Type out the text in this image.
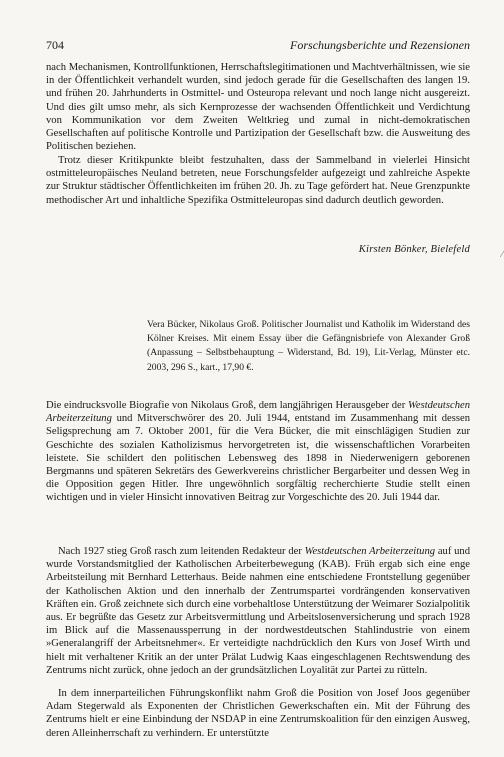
704	Forschungsberichte und Rezensionen

nach Mechanismen, Kontrollfunktionen, Herrschaftslegitimationen und Machtverhältnissen, wie sie in der Öffentlichkeit verhandelt wurden, sind jedoch gerade für die Gesellschaften des langen 19. und frühen 20. Jahrhunderts in Ostmittel- und Osteuropa relevant und noch lange nicht ausgereizt. Und dies gilt umso mehr, als sich Kernprozesse der wachsenden Öffentlichkeit und Verdichtung von Kommunikation vor dem Zweiten Weltkrieg und zumal in nicht-demokratischen Gesellschaften auf politische Kontrolle und Partizipation der Gesellschaft bzw. die Ausweitung des Politischen beziehen.

Trotz dieser Kritikpunkte bleibt festzuhalten, dass der Sammelband in vielerlei Hinsicht ostmitteleuropäisches Neuland betreten, neue Forschungsfelder aufgezeigt und zahlreiche Aspekte zur Struktur städtischer Öffentlichkeiten im frühen 20. Jh. zu Tage gefördert hat. Neue Grenzpunkte methodischer Art und inhaltliche Spezifika Ostmitteleuropas sind dadurch deutlich geworden.

Kirsten Bönker, Bielefeld	⁄

Vera Bücker, Nikolaus Groß. Politischer Journalist und Katholik im Widerstand des Kölner Kreises. Mit einem Essay über die Gefängnisbriefe von Alexander Groß (Anpassung – Selbstbehauptung – Widerstand, Bd. 19), Lit-Verlag, Münster etc. 2003, 296 S., kart., 17,90 €.

Die eindrucksvolle Biografie von Nikolaus Groß, dem langjährigen Herausgeber der Westdeutschen Arbeiterzeitung und Mitverschwörer des 20. Juli 1944, entstand im Zusammenhang mit dessen Seligsprechung am 7. Oktober 2001, für die Vera Bücker, die mit einschlägigen Studien zur Geschichte des sozialen Katholizismus hervorgetreten ist, die wissenschaftlichen Vorarbeiten leistete. Sie schildert den politischen Lebensweg des 1898 in Niederwenigern geborenen Bergmanns und späteren Sekretärs des Gewerkvereins christlicher Bergarbeiter und dessen Weg in die Opposition gegen Hitler. Ihre ungewöhnlich sorgfältig recherchierte Studie stellt einen wichtigen und in vieler Hinsicht innovativen Beitrag zur Vorgeschichte des 20. Juli 1944 dar.

Nach 1927 stieg Groß rasch zum leitenden Redakteur der Westdeutschen Arbeiterzeitung auf und wurde Vorstandsmitglied der Katholischen Arbeiterbewegung (KAB). Früh ergab sich eine enge Arbeitsteilung mit Bernhard Letterhaus. Beide nahmen eine entschiedene Frontstellung gegenüber der Katholischen Aktion und den innerhalb der Zentrumspartei vordrängenden konservativen Kräften ein. Groß zeichnete sich durch eine vorbehaltlose Unterstützung der Weimarer Sozialpolitik aus. Er begrüßte das Gesetz zur Arbeitsvermittlung und Arbeitslosenversicherung und sprach 1928 im Blick auf die Massenaussperrung in der nordwestdeutschen Stahlindustrie von einem »Generalangriff der Arbeitsnehmer«. Er verteidigte nachdrücklich den Kurs von Josef Wirth und hielt mit verhaltener Kritik an der unter Prälat Ludwig Kaas eingeschlagenen Rechtswendung des Zentrums nicht zurück, ohne jedoch an der grundsätzlichen Loyalität zur Partei zu rütteln.

In dem innerparteilichen Führungskonflikt nahm Groß die Position von Josef Joos gegenüber Adam Stegerwald als Exponenten der Christlichen Gewerkschaften ein. Mit der Führung des Zentrums hielt er eine Einbindung der NSDAP in eine Zentrumskoalition für den einzigen Ausweg, deren Alleinherrschaft zu verhindern. Er unterstützte
